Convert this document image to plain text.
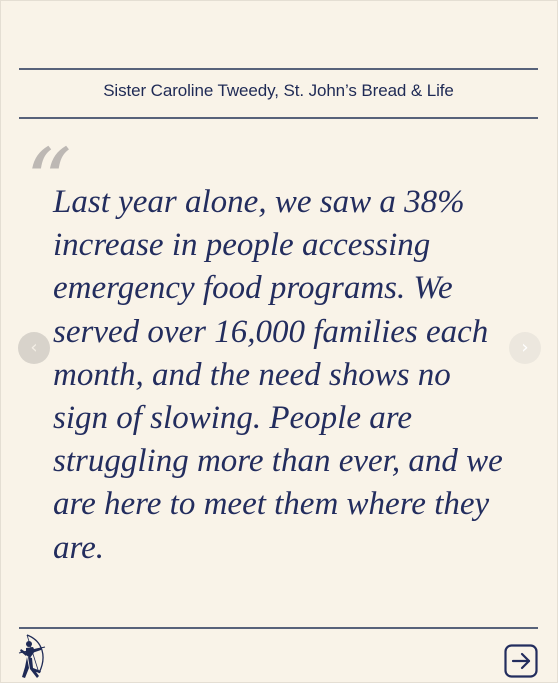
Sister Caroline Tweedy, St. John’s Bread & Life
“

Last year alone, we saw a 38% increase in people accessing emergency food programs. We served over 16,000 families each month, and the need shows no sign of slowing. People are struggling more than ever, and we are here to meet them where they are.

‹	›
